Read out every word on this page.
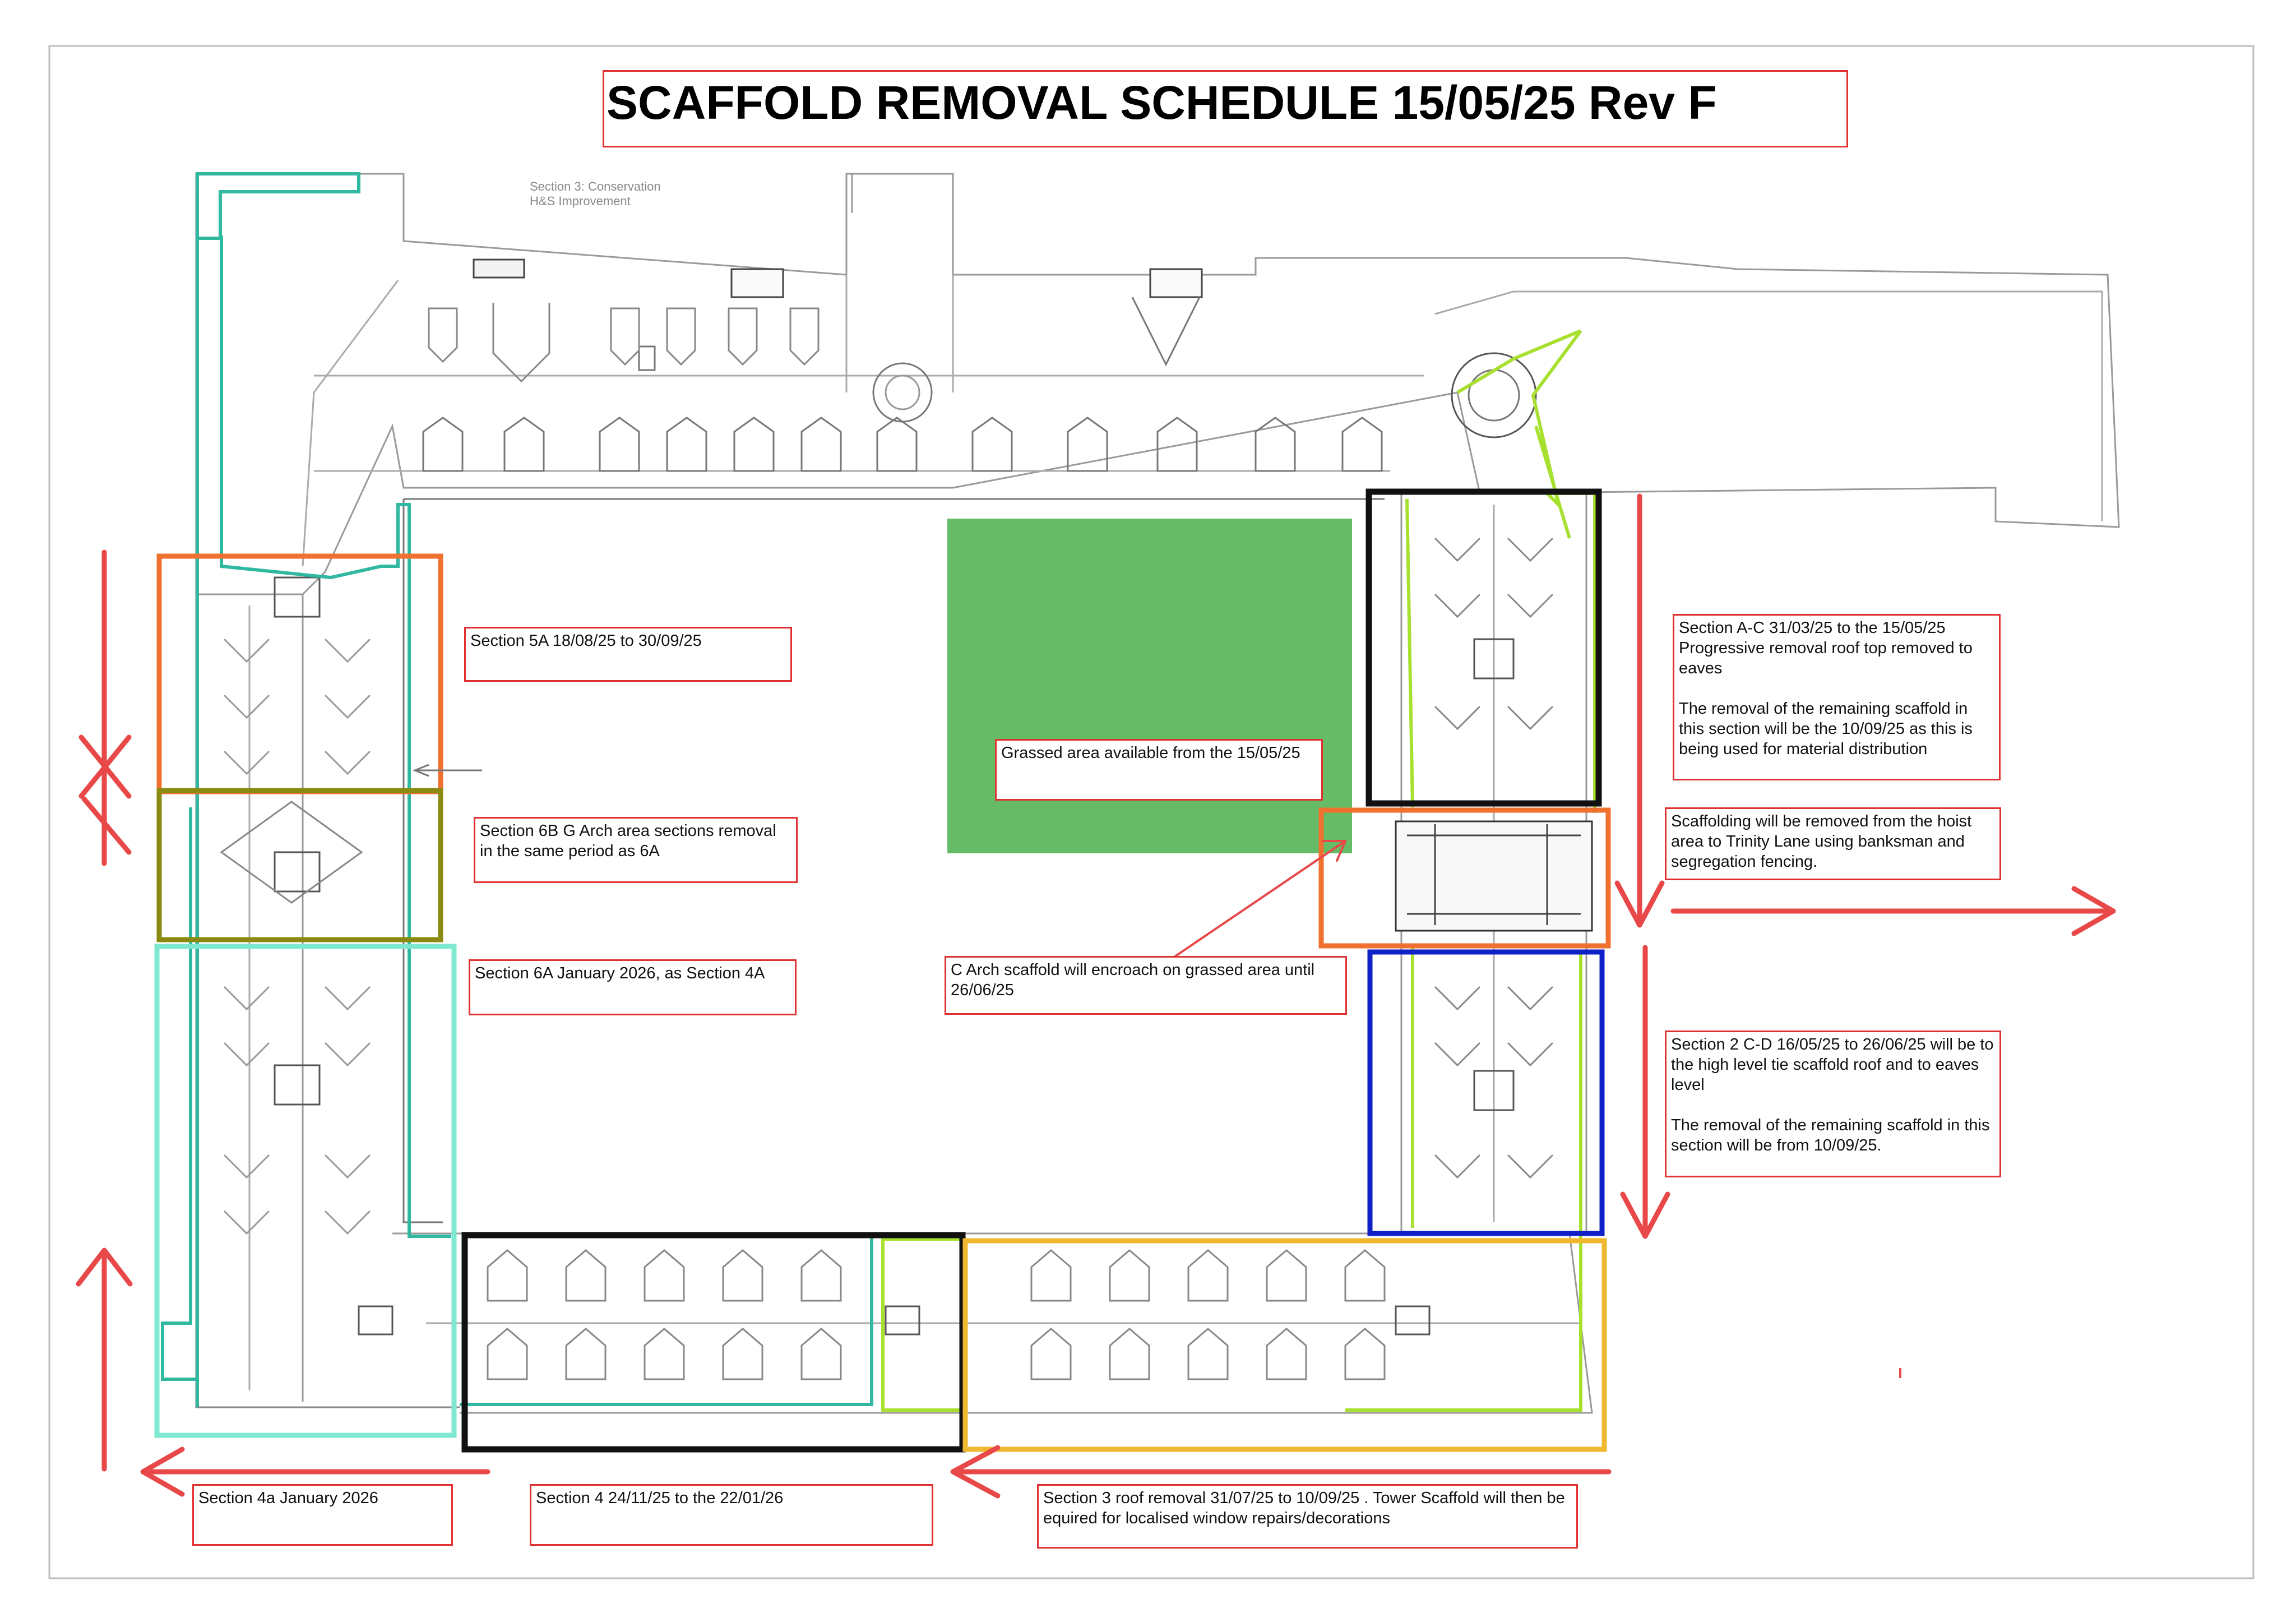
Section 3: Conservation
H&S Improvement
SCAFFOLD REMOVAL SCHEDULE 15/05/25 Rev F
Section 5A 18/08/25 to 30/09/25
Section 6B G Arch area sections removal in the same period as 6A
Section 6A January 2026, as Section 4A
Grassed area available from the 15/05/25
C Arch scaffold will encroach on grassed area until 26/06/25
Section A-C 31/03/25 to the 15/05/25
Progressive removal roof top removed to eaves

The removal of the remaining scaffold in this section will be the 10/09/25 as this is being used for material distribution
Scaffolding will be removed from the hoist area to Trinity Lane using banksman and segregation fencing.
Section 2 C-D 16/05/25 to 26/06/25 will be to the high level tie scaffold roof and to eaves level

The removal of the remaining scaffold in this section will be from 10/09/25.
Section 4a January 2026	Section 4 24/11/25 to the 22/01/26	Section 3 roof removal 31/07/25 to 10/09/25 . Tower Scaffold will then be equired for localised window repairs/decorations
